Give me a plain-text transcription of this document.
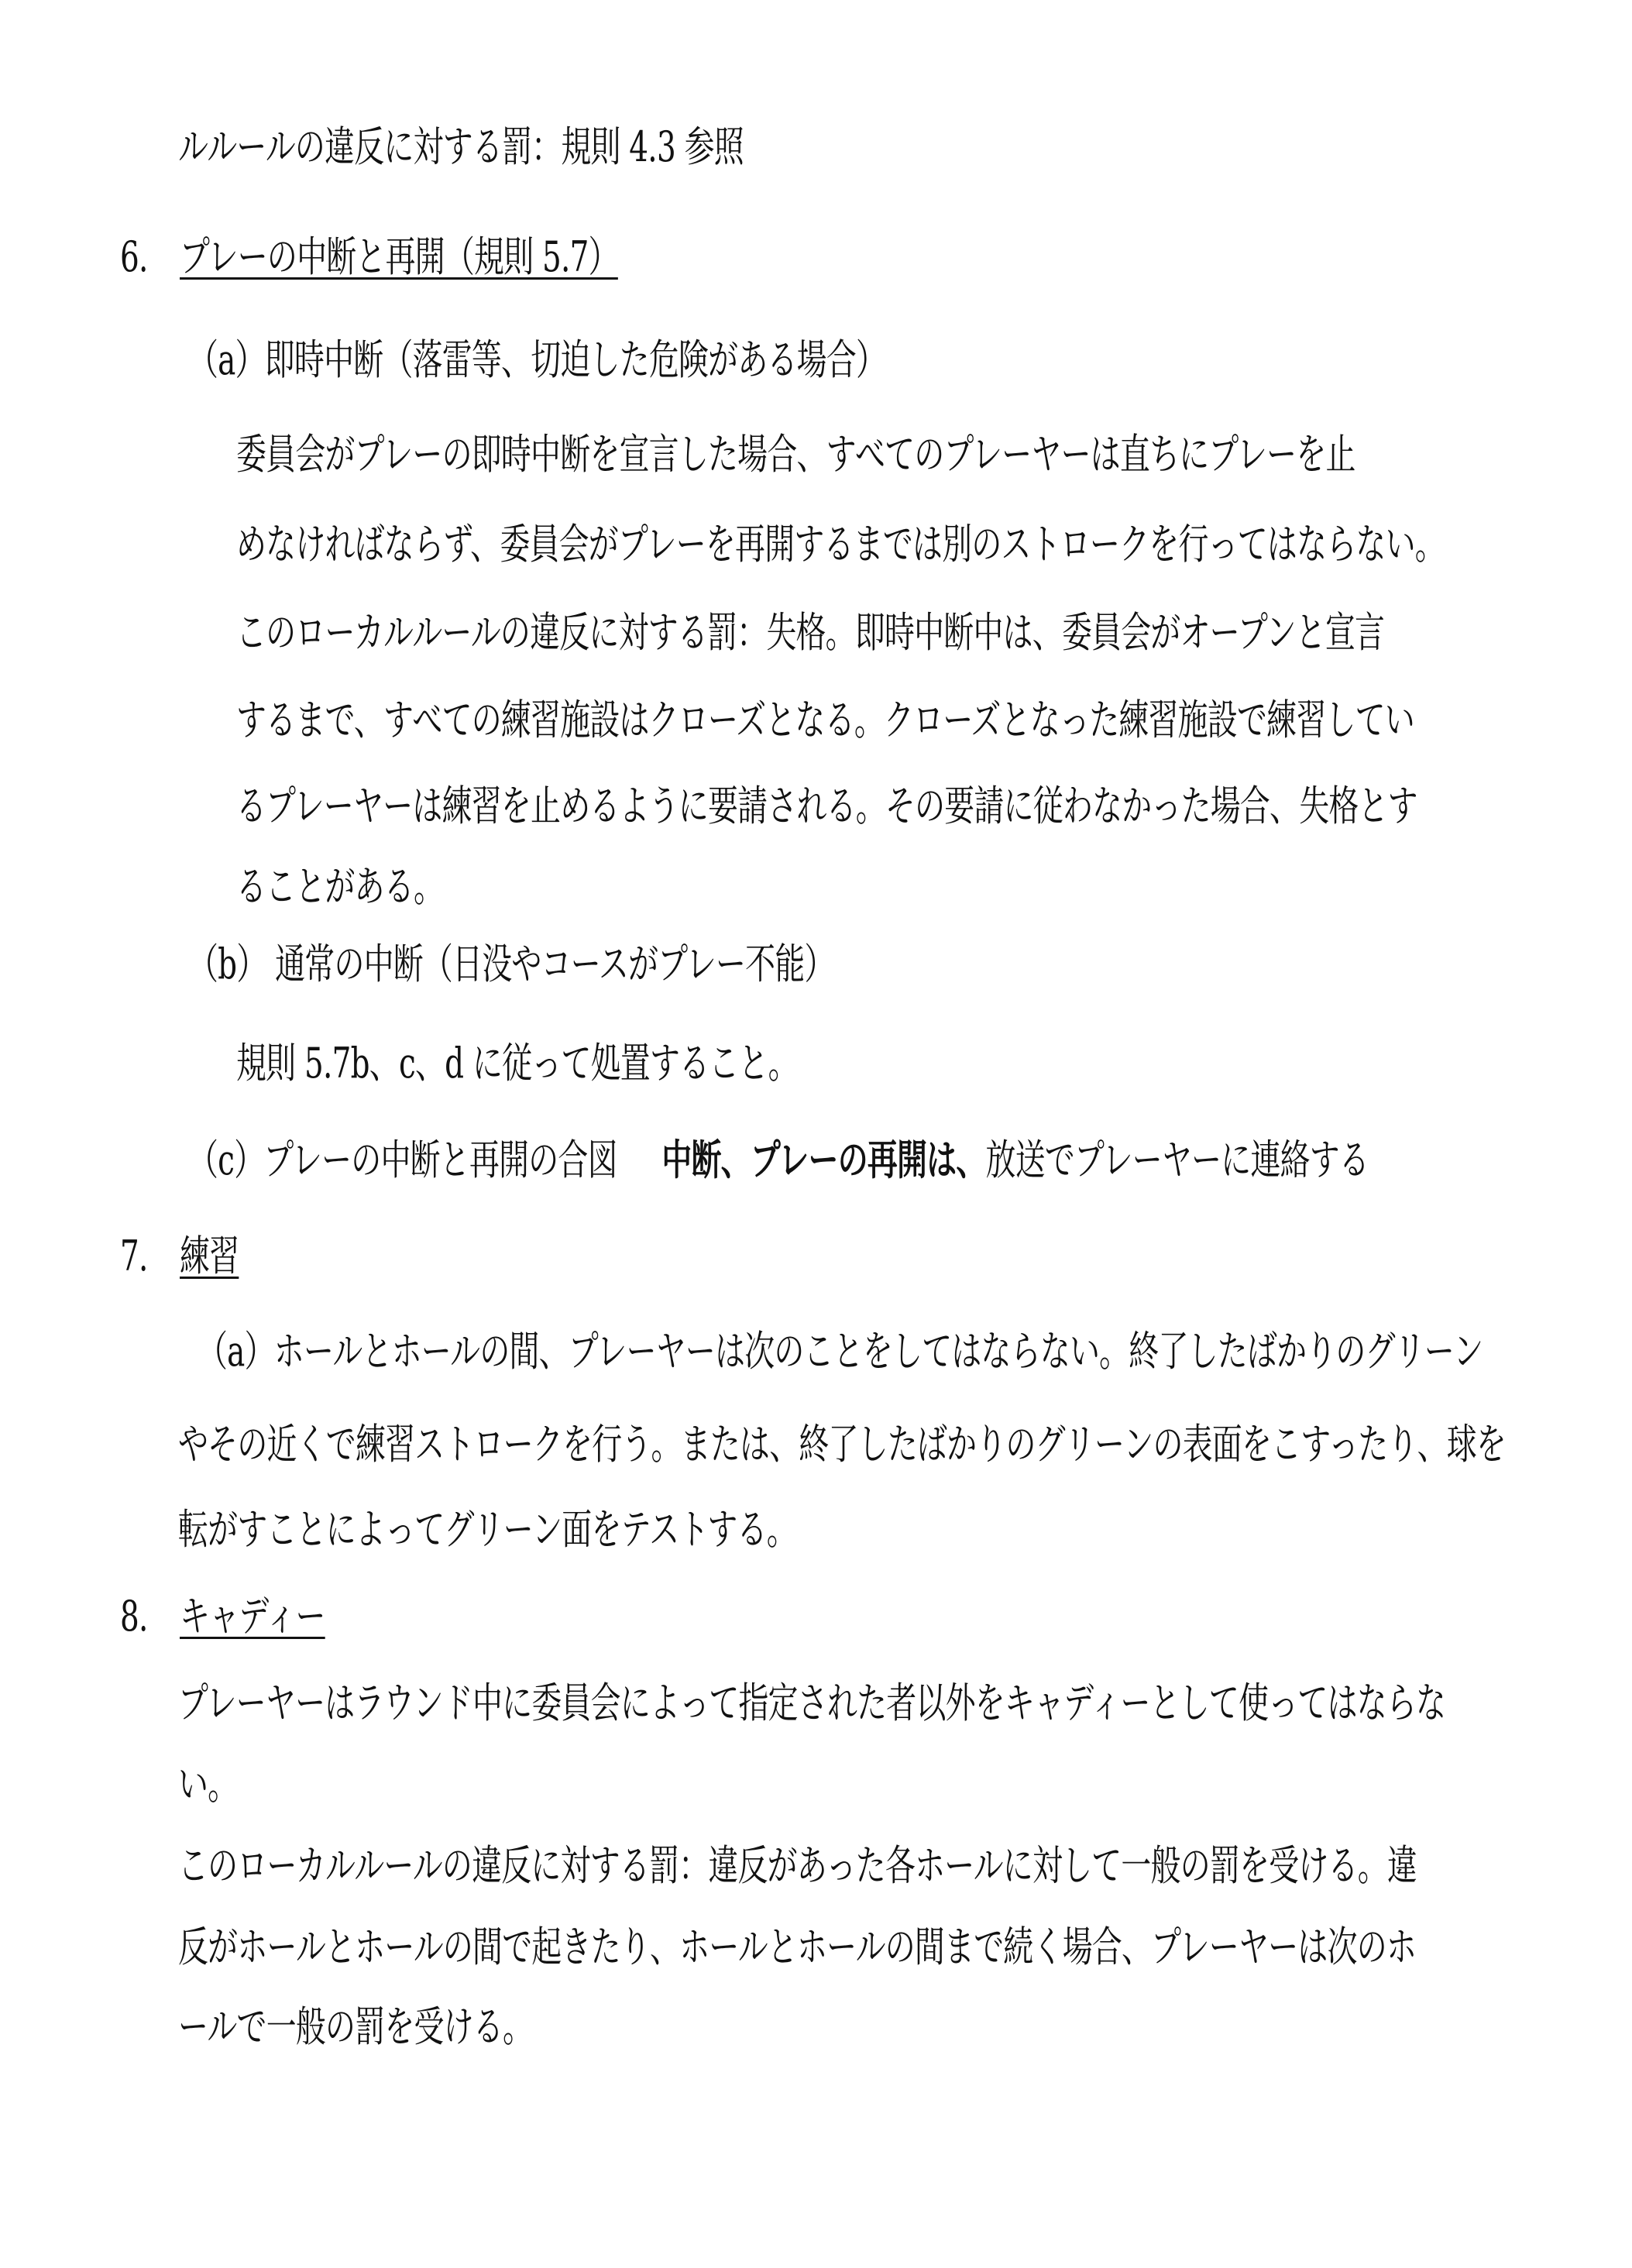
ルルールの違反に対する罰：規則 4.3 参照
6. プレーの中断と再開（規則 5.7）
（a）即時中断（落雷等、切迫した危険がある場合）
委員会がプレーの即時中断を宣言した場合、すべてのプレーヤーは直ちにプレーを止
めなければならず、委員会がプレーを再開するまでは別のストロークを行ってはならない。
このローカルルールの違反に対する罰：失格。即時中断中は、委員会がオープンと宣言
するまで、すべての練習施設はクローズとなる。クローズとなった練習施設で練習してい
るプレーヤーは練習を止めるように要請される。その要請に従わなかった場合、失格とす
ることがある。
（b） 通常の中断（日没やコースがプレー不能）
規則 5.7b、c、d に従って処置すること。
（c）プレーの中断と再開の合図 中断、プレーの再開は、放送でプレーヤーに連絡する
7. 練習
（a）ホールとホールの間、プレーヤーは次のことをしてはならない。終了したばかりのグリーン
やその近くで練習ストロークを行う。または、終了したばかりのグリーンの表面をこすったり、球を
転がすことによってグリーン面をテストする。
8. キャディー
プレーヤーはラウンド中に委員会によって指定された者以外をキャディーとして使ってはならな
い。
このローカルルールの違反に対する罰：違反があった各ホールに対して一般の罰を受ける。違
反がホールとホールの間で起きたり、ホールとホールの間まで続く場合、プレーヤーは次のホ
ールで一般の罰を受ける。
